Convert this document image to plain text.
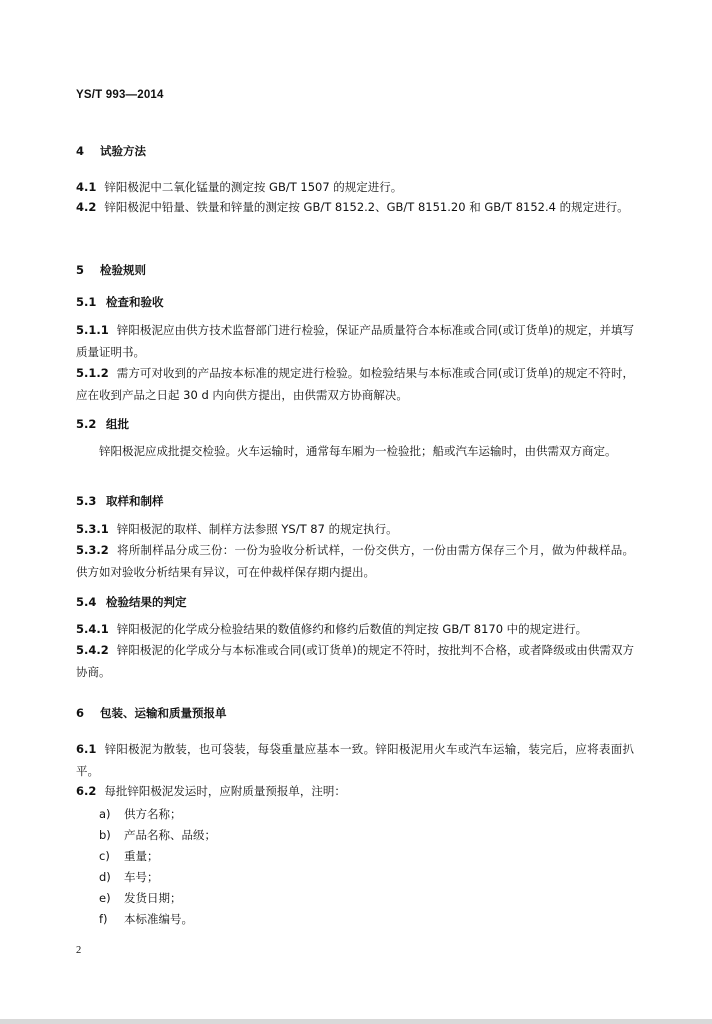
YS/T 993—2014
4 试验方法
4.1 锌阳极泥中二氧化锰量的测定按 GB/T 1507 的规定进行。
4.2 锌阳极泥中铅量、铁量和锌量的测定按 GB/T 8152.2、GB/T 8151.20 和 GB/T 8152.4 的规定进行。
5 检验规则
5.1 检查和验收
5.1.1 锌阳极泥应由供方技术监督部门进行检验，保证产品质量符合本标准或合同(或订货单)的规定，并填写质量证明书。
5.1.2 需方可对收到的产品按本标准的规定进行检验。如检验结果与本标准或合同(或订货单)的规定不符时，应在收到产品之日起 30 d 内向供方提出，由供需双方协商解决。
5.2 组批
锌阳极泥应成批提交检验。火车运输时，通常每车厢为一检验批；船或汽车运输时，由供需双方商定。
5.3 取样和制样
5.3.1 锌阳极泥的取样、制样方法参照 YS/T 87 的规定执行。
5.3.2 将所制样品分成三份：一份为验收分析试样，一份交供方，一份由需方保存三个月，做为仲裁样品。供方如对验收分析结果有异议，可在仲裁样保存期内提出。
5.4 检验结果的判定
5.4.1 锌阳极泥的化学成分检验结果的数值修约和修约后数值的判定按 GB/T 8170 中的规定进行。
5.4.2 锌阳极泥的化学成分与本标准或合同(或订货单)的规定不符时，按批判不合格，或者降级或由供需双方协商。
6 包装、运输和质量预报单
6.1 锌阳极泥为散装，也可袋装，每袋重量应基本一致。锌阳极泥用火车或汽车运输，装完后，应将表面扒平。
6.2 每批锌阳极泥发运时，应附质量预报单，注明：
a) 供方名称；
b) 产品名称、品级；
c) 重量；
d) 车号；
e) 发货日期；
f) 本标准编号。
2
